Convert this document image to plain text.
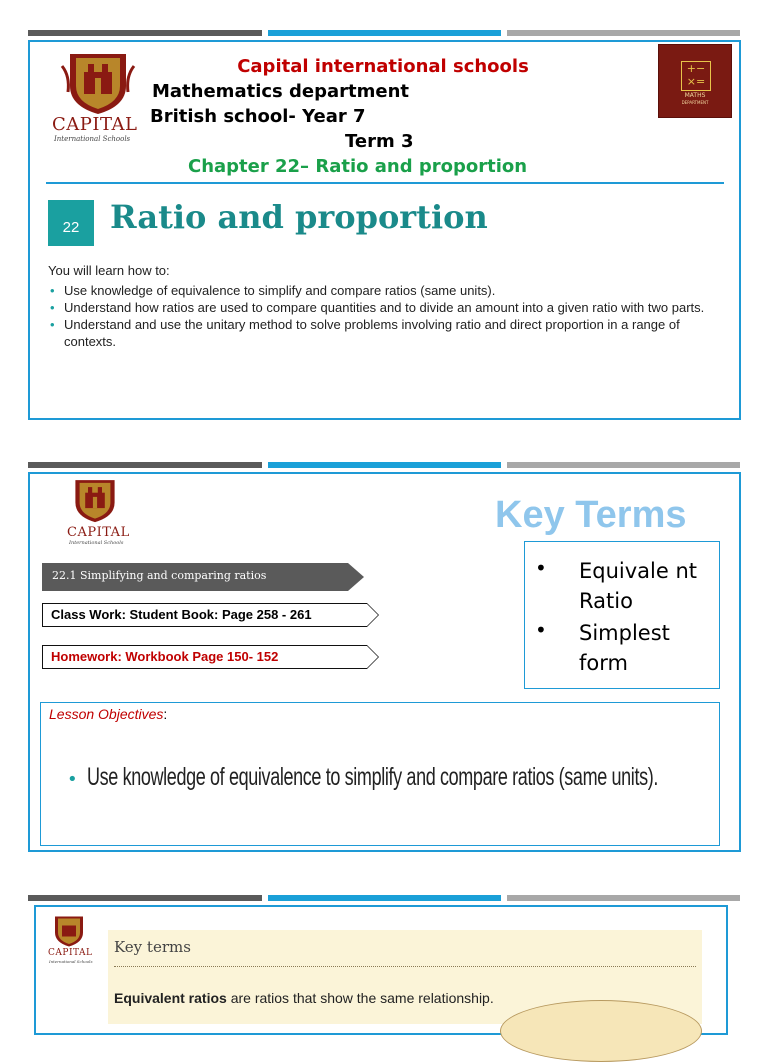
CAPITAL
International Schools
Capital international schools
Mathematics department
British school- Year 7
Term 3
Chapter 22– Ratio and proportion
+−
×=
MATHS
DEPARTMENT
22 Ratio and proportion
You will learn how to:
• Use knowledge of equivalence to simplify and compare ratios (same units).
• Understand how ratios are used to compare quantities and to divide an amount into a given ratio with two parts.
• Understand and use the unitary method to solve problems involving ratio and direct proportion in a range of contexts.
CAPITAL
International Schools
Key Terms
22.1 Simplifying and comparing ratios
Class Work: Student Book: Page 258 - 261
Homework: Workbook Page 150- 152
• Equivale nt Ratio
• Simplest form
Lesson Objectives:
• Use knowledge of equivalence to simplify and compare ratios (same units).
CAPITAL
International Schools
Key terms
Equivalent ratios are ratios that show the same relationship.
